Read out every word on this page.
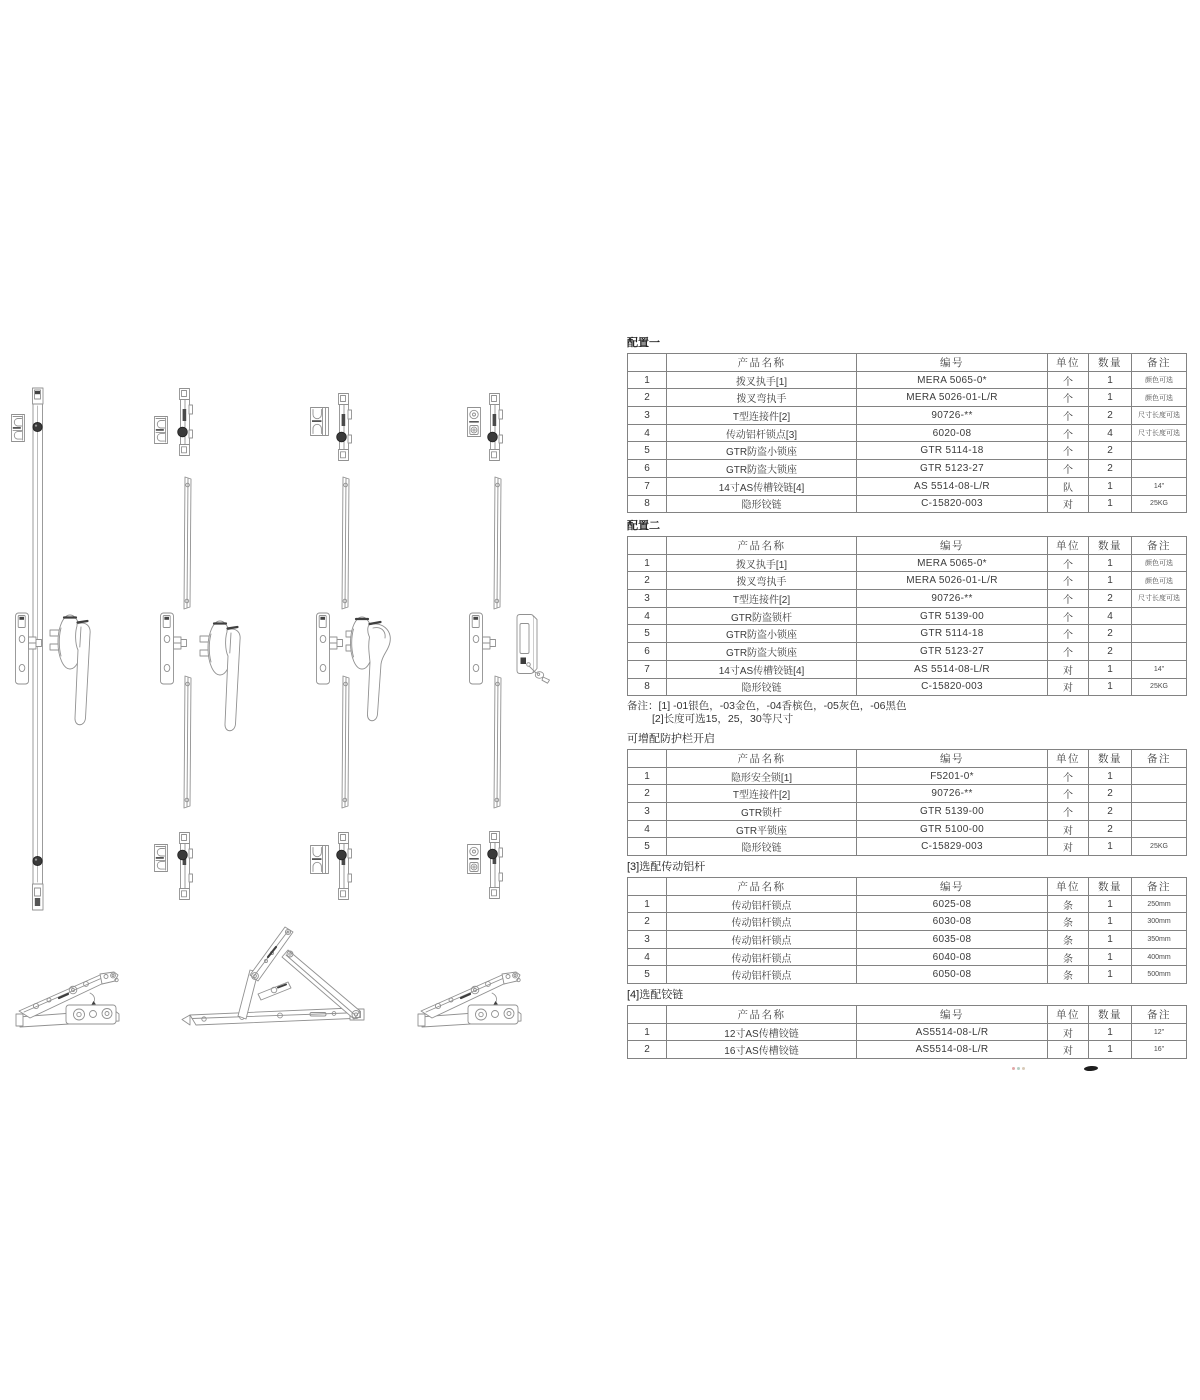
配置一
	产品名称	编号	单位	数量	备注
1	拨叉执手[1]	MERA 5065-0*	个	1	颜色可选
2	拨叉弯执手	MERA 5026-01-L/R	个	1	颜色可选
3	T型连接件[2]	90726-**	个	2	尺寸长度可选
4	传动铝杆锁点[3]	6020-08	个	4	尺寸长度可选
5	GTR防盗小锁座	GTR 5114-18	个	2	
6	GTR防盗大锁座	GTR 5123-27	个	2	
7	14寸AS传槽铰链[4]	AS 5514-08-L/R	队	1	14"
8	隐形铰链	C-15820-003	对	1	25KG
配置二
	产品名称	编号	单位	数量	备注
1	拨叉执手[1]	MERA 5065-0*	个	1	颜色可选
2	拨叉弯执手	MERA 5026-01-L/R	个	1	颜色可选
3	T型连接件[2]	90726-**	个	2	尺寸长度可选
4	GTR防盗锁杆	GTR 5139-00	个	4	
5	GTR防盗小锁座	GTR 5114-18	个	2	
6	GTR防盗大锁座	GTR 5123-27	个	2	
7	14寸AS传槽铰链[4]	AS 5514-08-L/R	对	1	14"
8	隐形铰链	C-15820-003	对	1	25KG
备注：[1] -01银色，-03金色，-04香槟色，-05灰色，-06黑色
[2]长度可选15，25，30等尺寸
可增配防护栏开启
	产品名称	编号	单位	数量	备注
1	隐形安全锁[1]	F5201-0*	个	1	
2	T型连接件[2]	90726-**	个	2	
3	GTR锁杆	GTR 5139-00	个	2	
4	GTR平锁座	GTR 5100-00	对	2	
5	隐形铰链	C-15829-003	对	1	25KG
[3]选配传动铝杆
	产品名称	编号	单位	数量	备注
1	传动铝杆锁点	6025-08	条	1	250mm
2	传动铝杆锁点	6030-08	条	1	300mm
3	传动铝杆锁点	6035-08	条	1	350mm
4	传动铝杆锁点	6040-08	条	1	400mm
5	传动铝杆锁点	6050-08	条	1	500mm
[4]选配铰链
	产品名称	编号	单位	数量	备注
1	12寸AS传槽铰链	AS5514-08-L/R	对	1	12"
2	16寸AS传槽铰链	AS5514-08-L/R	对	1	16"
